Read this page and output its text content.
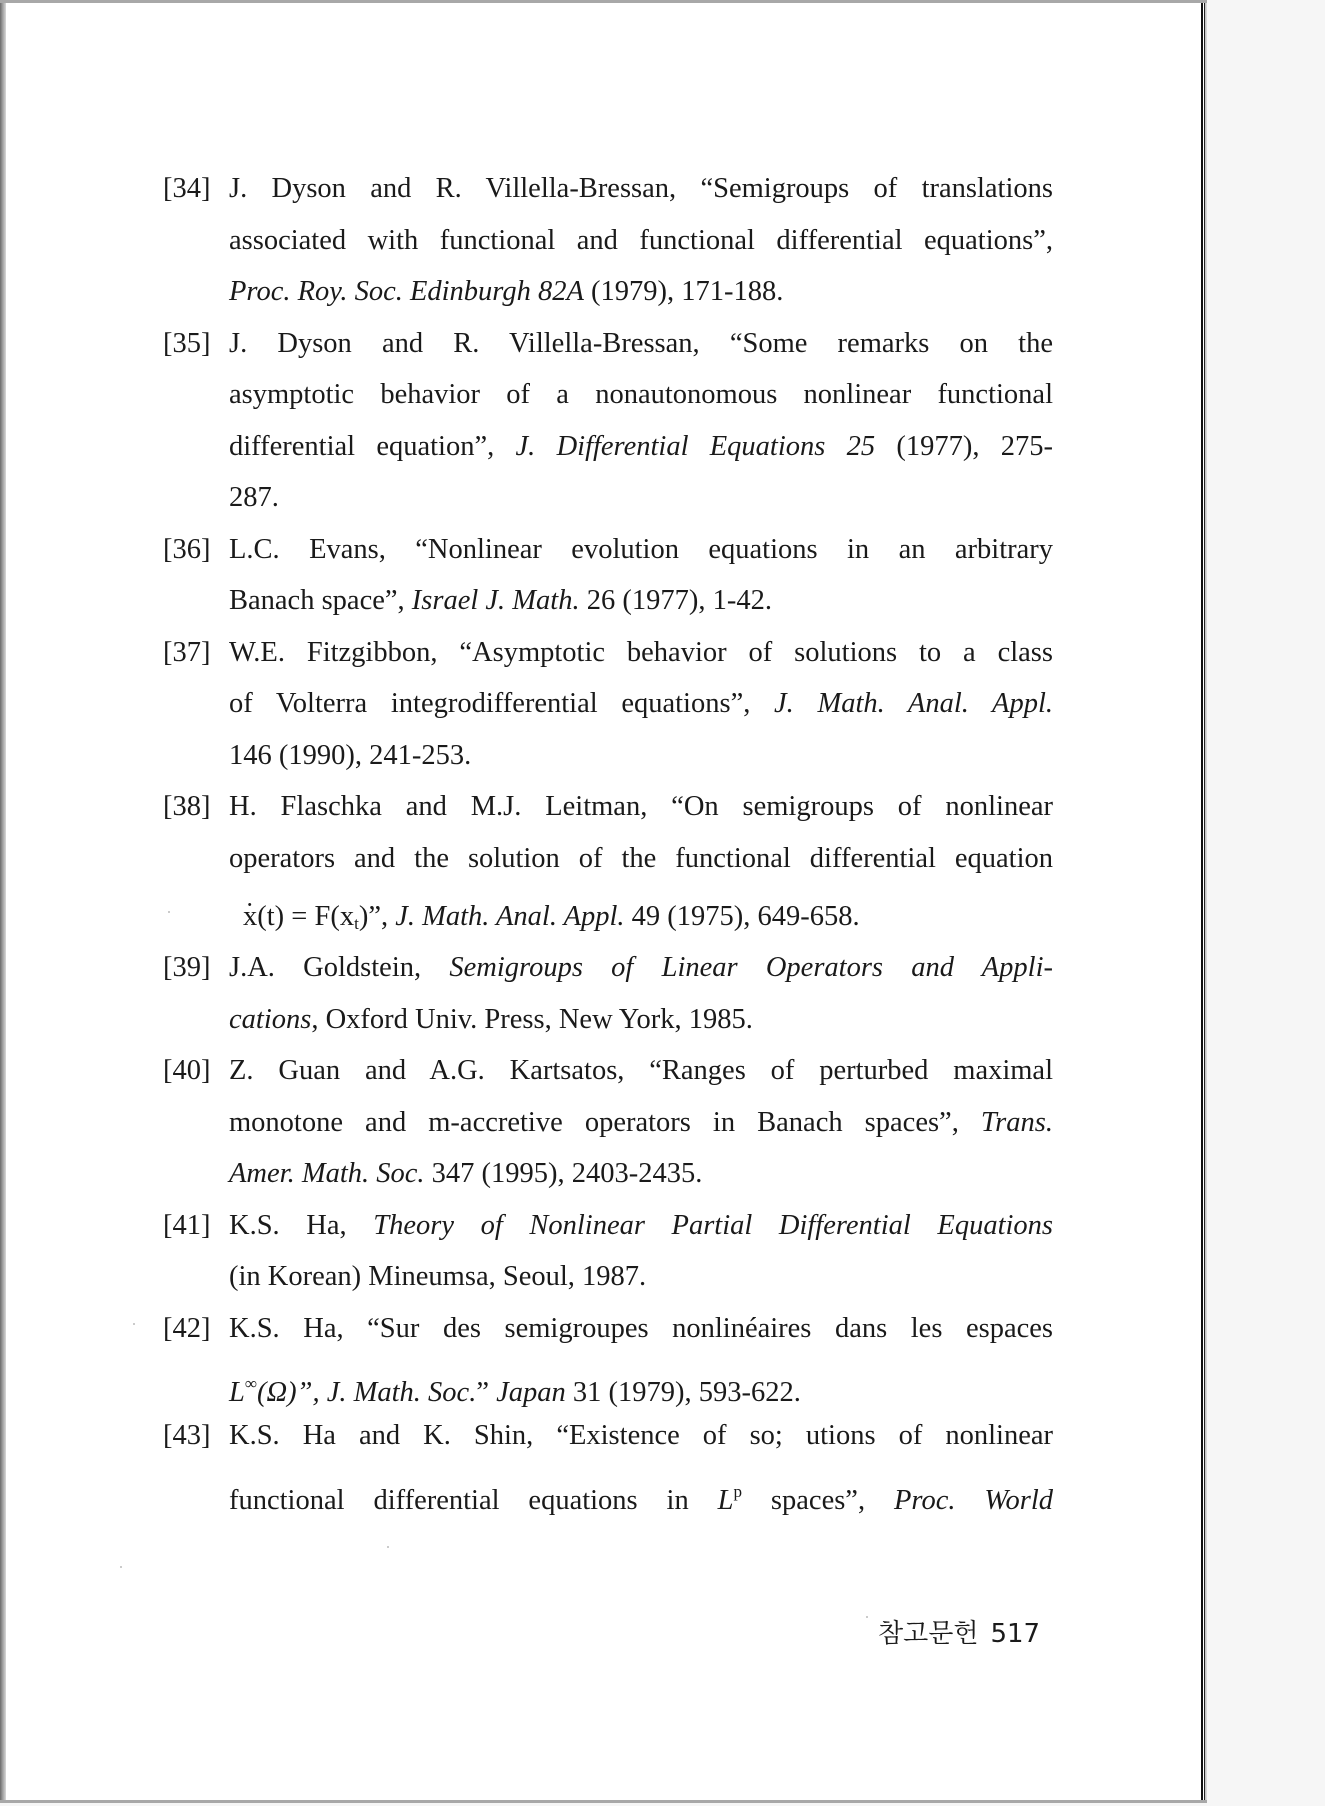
[34] J. Dyson and R. Villella-Bressan, “Semigroups of translations
associated with functional and functional differential equations”,
Proc. Roy. Soc. Edinburgh 82A (1979), 171-188.
[35] J. Dyson and R. Villella-Bressan, “Some remarks on the
asymptotic behavior of a nonautonomous nonlinear functional
differential equation”, J. Differential Equations 25 (1977), 275-
287.
[36] L.C. Evans, “Nonlinear evolution equations in an arbitrary
Banach space”, Israel J. Math. 26 (1977), 1-42.
[37] W.E. Fitzgibbon, “Asymptotic behavior of solutions to a class
of Volterra integrodifferential equations”, J. Math. Anal. Appl.
146 (1990), 241-253.
[38] H. Flaschka and M.J. Leitman, “On semigroups of nonlinear
operators and the solution of the functional differential equation
˙ $x(t) = F(x_t)$”, J. Math. Anal. Appl. 49 (1975), 649-658.
[39] J.A. Goldstein, Semigroups of Linear Operators and Appli-
cations, Oxford Univ. Press, New York, 1985.
[40] Z. Guan and A.G. Kartsatos, “Ranges of perturbed maximal
monotone and m-accretive operators in Banach spaces”, Trans.
Amer. Math. Soc. 347 (1995), 2403-2435.
[41] K.S. Ha, Theory of Nonlinear Partial Differential Equations
(in Korean) Mineumsa, Seoul, 1987.
[42] K.S. Ha, “Sur des semigroupes nonlinéaires dans les espaces
L∞(Ω)”, J. Math. Soc.” Japan 31 (1979), 593-622.
[43] K.S. Ha and K. Shin, “Existence of so; utions of nonlinear
functional differential equations in $L^p$ spaces”, Proc. World
참고문헌 517
